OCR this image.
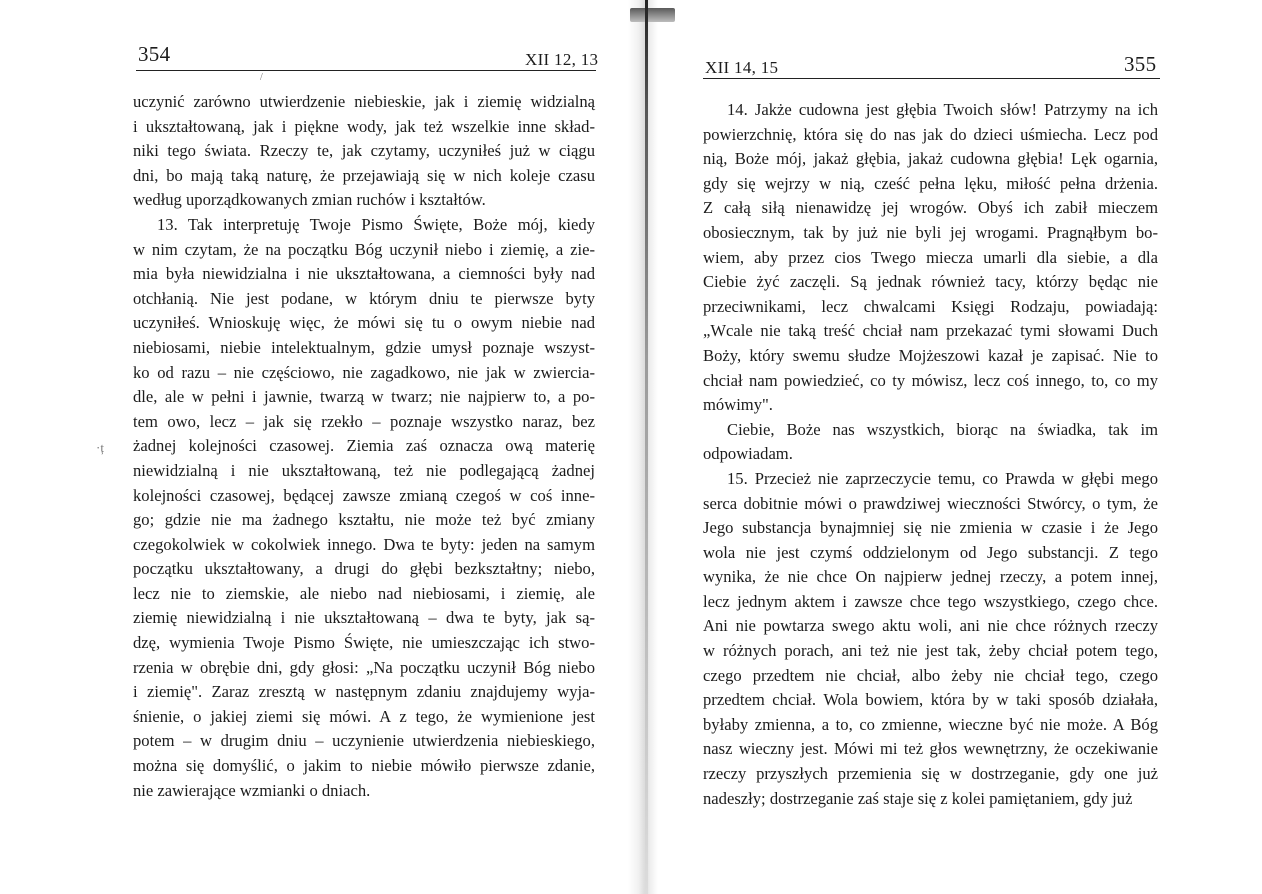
354	XII 12, 13
/
·ț
uczynić zarówno utwierdzenie niebieskie, jak i ziemię widzialną
i ukształtowaną, jak i piękne wody, jak też wszelkie inne skład-
niki tego świata. Rzeczy te, jak czytamy, uczyniłeś już w ciągu
dni, bo mają taką naturę, że przejawiają się w nich koleje czasu
według uporządkowanych zmian ruchów i kształtów.
13. Tak interpretuję Twoje Pismo Święte, Boże mój, kiedy
w nim czytam, że na początku Bóg uczynił niebo i ziemię, a zie-
mia była niewidzialna i nie ukształtowana, a ciemności były nad
otchłanią. Nie jest podane, w którym dniu te pierwsze byty
uczyniłeś. Wnioskuję więc, że mówi się tu o owym niebie nad
niebiosami, niebie intelektualnym, gdzie umysł poznaje wszyst-
ko od razu – nie częściowo, nie zagadkowo, nie jak w zwiercia-
dle, ale w pełni i jawnie, twarzą w twarz; nie najpierw to, a po-
tem owo, lecz – jak się rzekło – poznaje wszystko naraz, bez
żadnej kolejności czasowej. Ziemia zaś oznacza ową materię
niewidzialną i nie ukształtowaną, też nie podlegającą żadnej
kolejności czasowej, będącej zawsze zmianą czegoś w coś inne-
go; gdzie nie ma żadnego kształtu, nie może też być zmiany
czegokolwiek w cokolwiek innego. Dwa te byty: jeden na samym
początku ukształtowany, a drugi do głębi bezkształtny; niebo,
lecz nie to ziemskie, ale niebo nad niebiosami, i ziemię, ale
ziemię niewidzialną i nie ukształtowaną – dwa te byty, jak są-
dzę, wymienia Twoje Pismo Święte, nie umieszczając ich stwo-
rzenia w obrębie dni, gdy głosi: „Na początku uczynił Bóg niebo
i ziemię". Zaraz zresztą w następnym zdaniu znajdujemy wyja-
śnienie, o jakiej ziemi się mówi. A z tego, że wymienione jest
potem – w drugim dniu – uczynienie utwierdzenia niebieskiego,
można się domyślić, o jakim to niebie mówiło pierwsze zdanie,
nie zawierające wzmianki o dniach.
XII 14, 15	355
14. Jakże cudowna jest głębia Twoich słów! Patrzymy na ich
powierzchnię, która się do nas jak do dzieci uśmiecha. Lecz pod
nią, Boże mój, jakaż głębia, jakaż cudowna głębia! Lęk ogarnia,
gdy się wejrzy w nią, cześć pełna lęku, miłość pełna drżenia.
Z całą siłą nienawidzę jej wrogów. Obyś ich zabił mieczem
obosiecznym, tak by już nie byli jej wrogami. Pragnąłbym bo-
wiem, aby przez cios Twego miecza umarli dla siebie, a dla
Ciebie żyć zaczęli. Są jednak również tacy, którzy będąc nie
przeciwnikami, lecz chwalcami Księgi Rodzaju, powiadają:
„Wcale nie taką treść chciał nam przekazać tymi słowami Duch
Boży, który swemu słudze Mojżeszowi kazał je zapisać. Nie to
chciał nam powiedzieć, co ty mówisz, lecz coś innego, to, co my
mówimy".
Ciebie, Boże nas wszystkich, biorąc na świadka, tak im
odpowiadam.
15. Przecież nie zaprzeczycie temu, co Prawda w głębi mego
serca dobitnie mówi o prawdziwej wieczności Stwórcy, o tym, że
Jego substancja bynajmniej się nie zmienia w czasie i że Jego
wola nie jest czymś oddzielonym od Jego substancji. Z tego
wynika, że nie chce On najpierw jednej rzeczy, a potem innej,
lecz jednym aktem i zawsze chce tego wszystkiego, czego chce.
Ani nie powtarza swego aktu woli, ani nie chce różnych rzeczy
w różnych porach, ani też nie jest tak, żeby chciał potem tego,
czego przedtem nie chciał, albo żeby nie chciał tego, czego
przedtem chciał. Wola bowiem, która by w taki sposób działała,
byłaby zmienna, a to, co zmienne, wieczne być nie może. A Bóg
nasz wieczny jest. Mówi mi też głos wewnętrzny, że oczekiwanie
rzeczy przyszłych przemienia się w dostrzeganie, gdy one już
nadeszły; dostrzeganie zaś staje się z kolei pamiętaniem, gdy już
